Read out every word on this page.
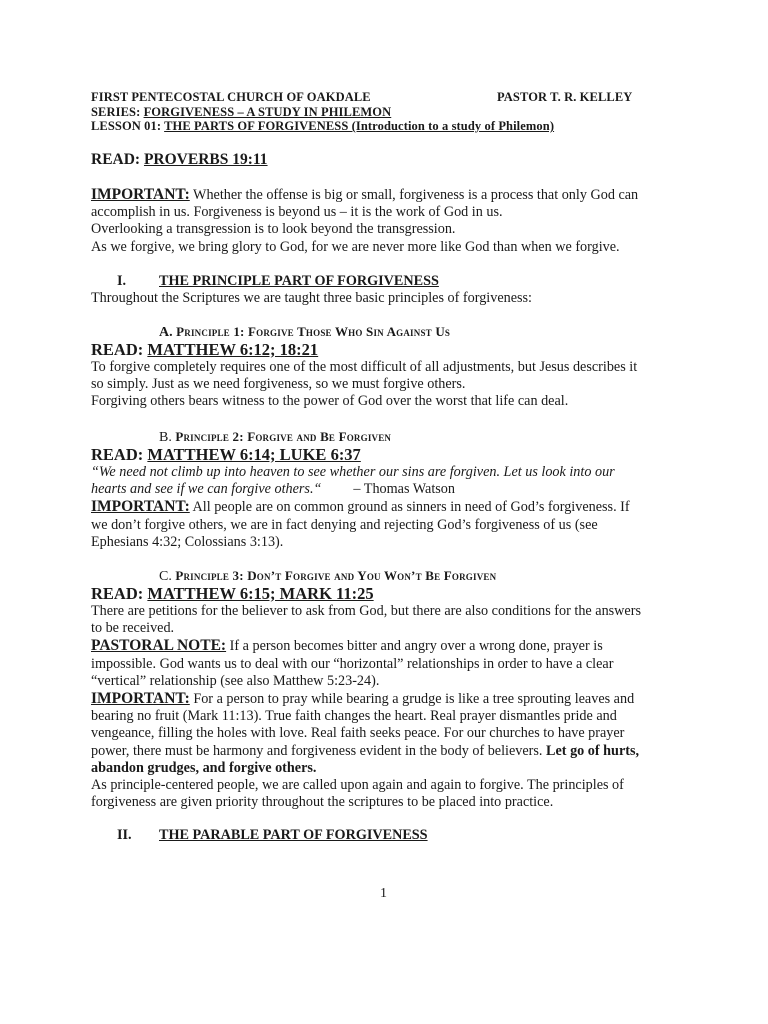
FIRST PENTECOSTAL CHURCH OF OAKDALE	PASTOR T. R. KELLEY
SERIES: FORGIVENESS – A STUDY IN PHILEMON
LESSON 01: THE PARTS OF FORGIVENESS (Introduction to a study of Philemon)
READ: PROVERBS 19:11
IMPORTANT: Whether the offense is big or small, forgiveness is a process that only God can
accomplish in us. Forgiveness is beyond us – it is the work of God in us.
Overlooking a transgression is to look beyond the transgression.
As we forgive, we bring glory to God, for we are never more like God than when we forgive.
I. THE PRINCIPLE PART OF FORGIVENESS
Throughout the Scriptures we are taught three basic principles of forgiveness:
A. Principle 1: Forgive Those Who Sin Against Us
READ: MATTHEW 6:12; 18:21
To forgive completely requires one of the most difficult of all adjustments, but Jesus describes it
so simply. Just as we need forgiveness, so we must forgive others.
Forgiving others bears witness to the power of God over the worst that life can deal.
B. Principle 2: Forgive and Be Forgiven
READ: MATTHEW 6:14; LUKE 6:37
“We need not climb up into heaven to see whether our sins are forgiven. Let us look into our
hearts and see if we can forgive others.“ – Thomas Watson
IMPORTANT: All people are on common ground as sinners in need of God’s forgiveness. If
we don’t forgive others, we are in fact denying and rejecting God’s forgiveness of us (see
Ephesians 4:32; Colossians 3:13).
C. Principle 3: Don’t Forgive and You Won’t Be Forgiven
READ: MATTHEW 6:15; MARK 11:25
There are petitions for the believer to ask from God, but there are also conditions for the answers
to be received.
PASTORAL NOTE: If a person becomes bitter and angry over a wrong done, prayer is
impossible. God wants us to deal with our “horizontal” relationships in order to have a clear
“vertical” relationship (see also Matthew 5:23-24).
IMPORTANT: For a person to pray while bearing a grudge is like a tree sprouting leaves and
bearing no fruit (Mark 11:13). True faith changes the heart. Real prayer dismantles pride and
vengeance, filling the holes with love. Real faith seeks peace. For our churches to have prayer
power, there must be harmony and forgiveness evident in the body of believers. Let go of hurts,
abandon grudges, and forgive others.
As principle-centered people, we are called upon again and again to forgive. The principles of
forgiveness are given priority throughout the scriptures to be placed into practice.
II. THE PARABLE PART OF FORGIVENESS
1
